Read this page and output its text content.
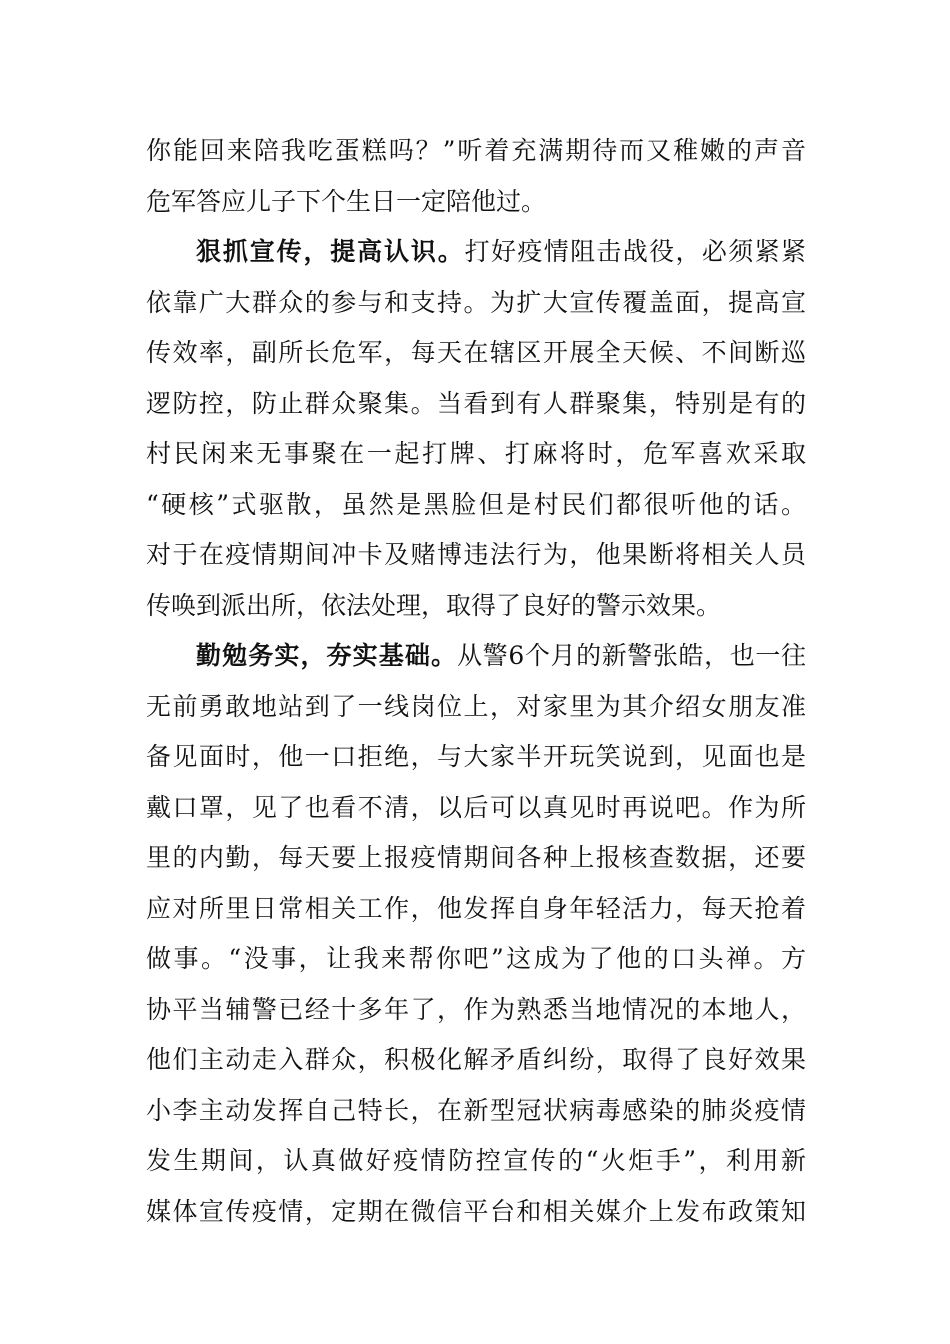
你能回来陪我吃蛋糕吗？”听着充满期待而又稚嫩的声音
危军答应儿子下个生日一定陪他过。
狠抓宣传，提高认识。打好疫情阻击战役，必须紧紧
依靠广大群众的参与和支持。为扩大宣传覆盖面，提高宣
传效率，副所长危军，每天在辖区开展全天候、不间断巡
逻防控，防止群众聚集。当看到有人群聚集，特别是有的
村民闲来无事聚在一起打牌、打麻将时，危军喜欢采取
“硬核”式驱散，虽然是黑脸但是村民们都很听他的话。
对于在疫情期间冲卡及赌博违法行为，他果断将相关人员
传唤到派出所，依法处理，取得了良好的警示效果。
勤勉务实，夯实基础。从警6个月的新警张皓，也一往
无前勇敢地站到了一线岗位上，对家里为其介绍女朋友准
备见面时，他一口拒绝，与大家半开玩笑说到，见面也是
戴口罩，见了也看不清，以后可以真见时再说吧。作为所
里的内勤，每天要上报疫情期间各种上报核查数据，还要
应对所里日常相关工作，他发挥自身年轻活力，每天抢着
做事。“没事，让我来帮你吧”这成为了他的口头禅。方
协平当辅警已经十多年了，作为熟悉当地情况的本地人，
他们主动走入群众，积极化解矛盾纠纷，取得了良好效果
小李主动发挥自己特长，在新型冠状病毒感染的肺炎疫情
发生期间，认真做好疫情防控宣传的“火炬手”，利用新
媒体宣传疫情，定期在微信平台和相关媒介上发布政策知
